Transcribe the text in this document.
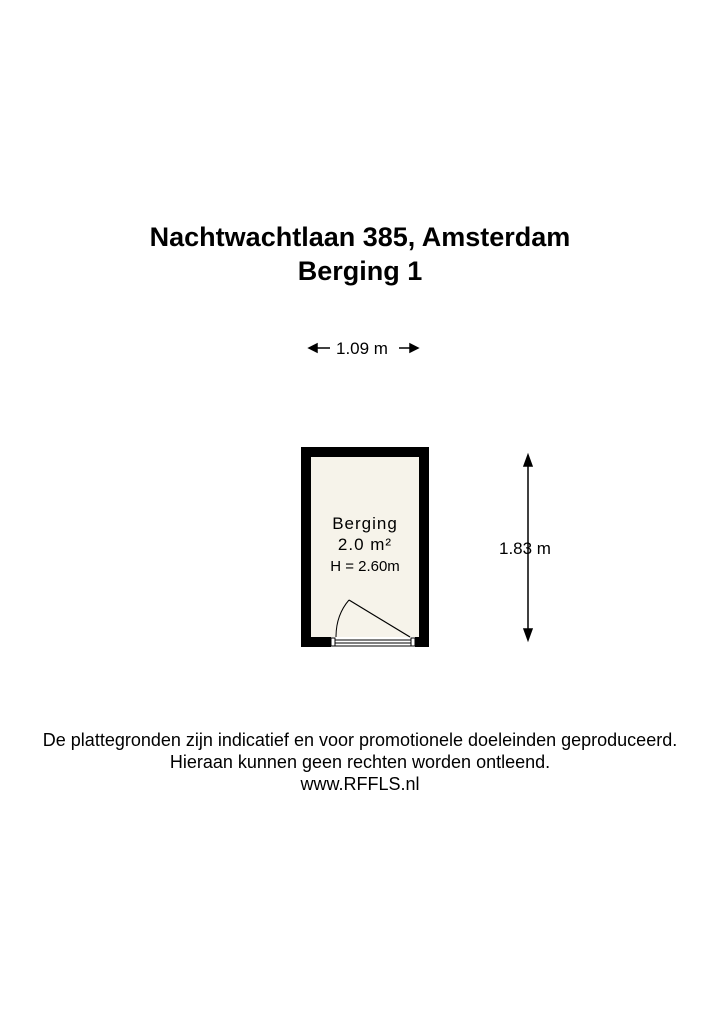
Nachtwachtlaan 385, Amsterdam
Berging 1
1.09 m
1.83 m
Berging
2.0 m²
H = 2.60m
De plattegronden zijn indicatief en voor promotionele doeleinden geproduceerd.
Hieraan kunnen geen rechten worden ontleend.
www.RFFLS.nl
